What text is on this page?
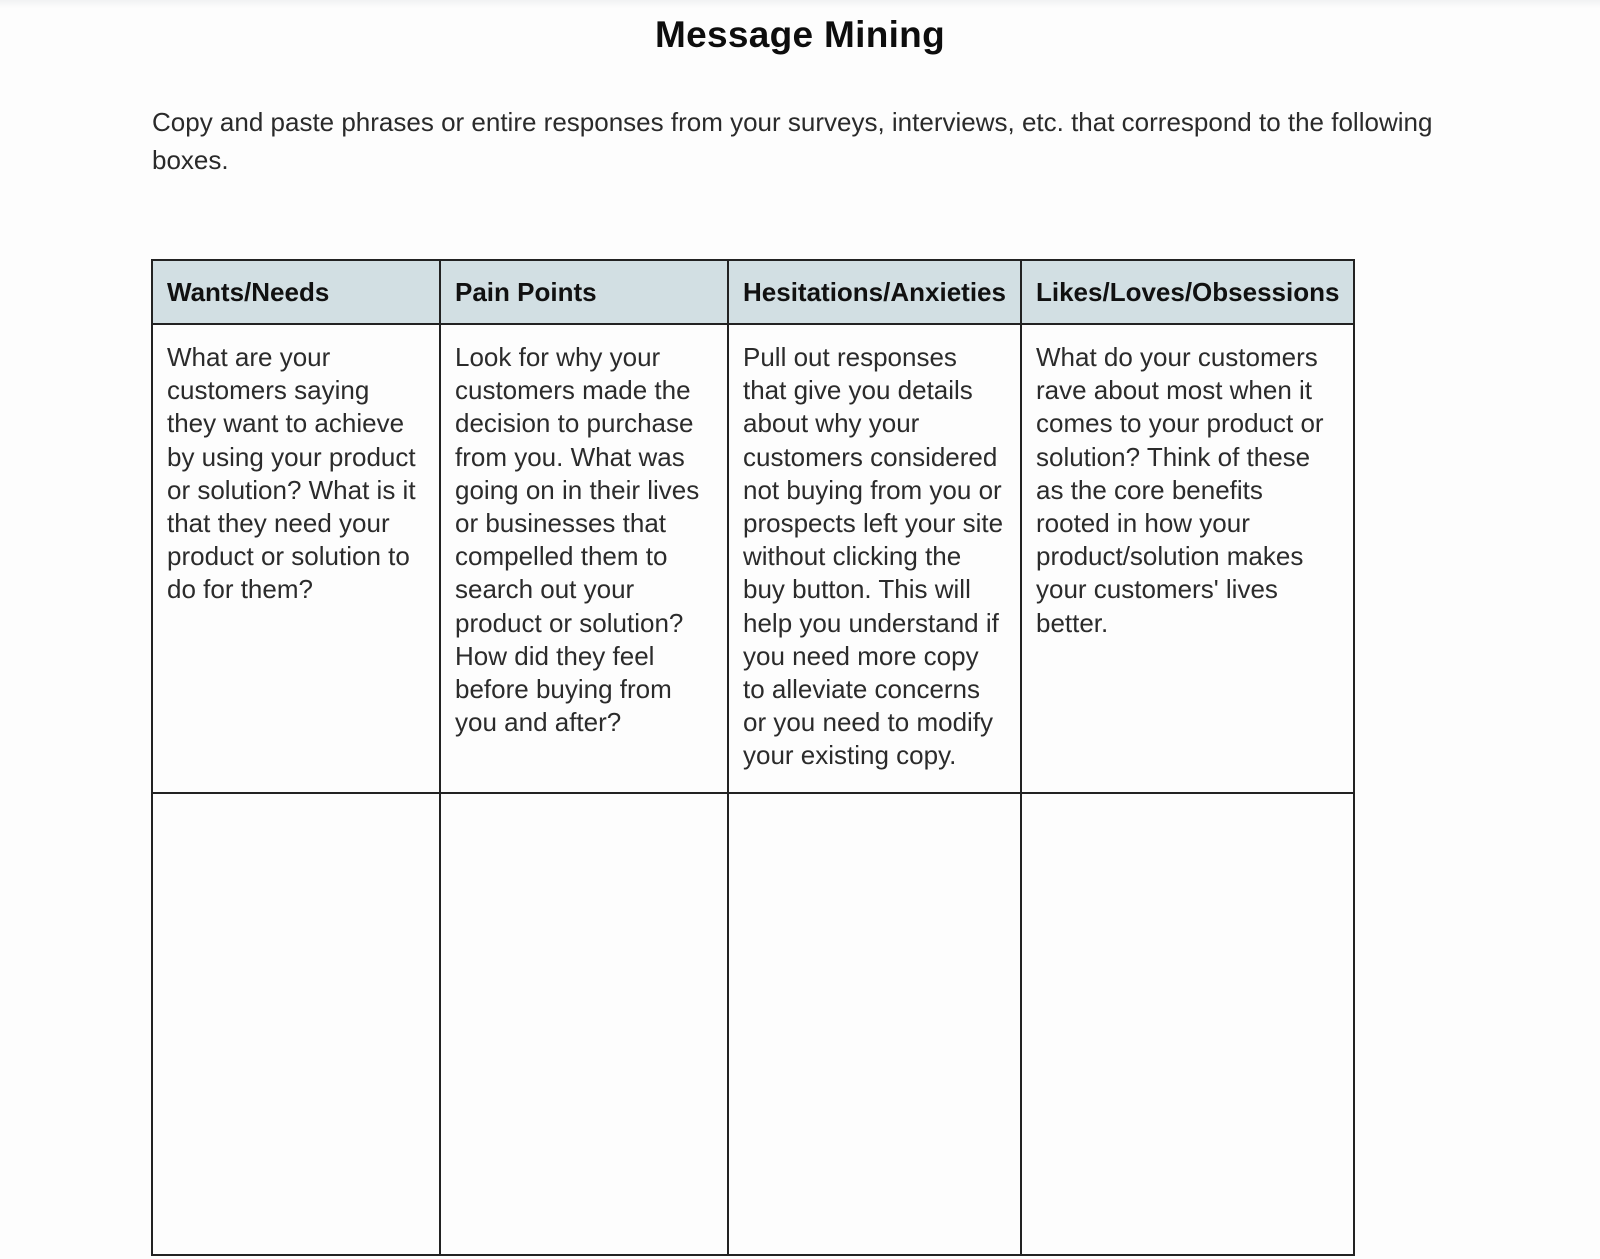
Message Mining
Copy and paste phrases or entire responses from your surveys, interviews, etc. that correspond to the following boxes.
Wants/Needs	Pain Points	Hesitations/Anxieties	Likes/Loves/Obsessions
What are your customers saying they want to achieve by using your product or solution? What is it that they need your product or solution to do for them?	Look for why your customers made the decision to purchase from you. What was going on in their lives or businesses that compelled them to search out your product or solution? How did they feel before buying from you and after?	Pull out responses that give you details about why your customers considered not buying from you or prospects left your site without clicking the buy button. This will help you understand if you need more copy to alleviate concerns or you need to modify your existing copy.	What do your customers rave about most when it comes to your product or solution? Think of these as the core benefits rooted in how your product/solution makes your customers' lives better.
